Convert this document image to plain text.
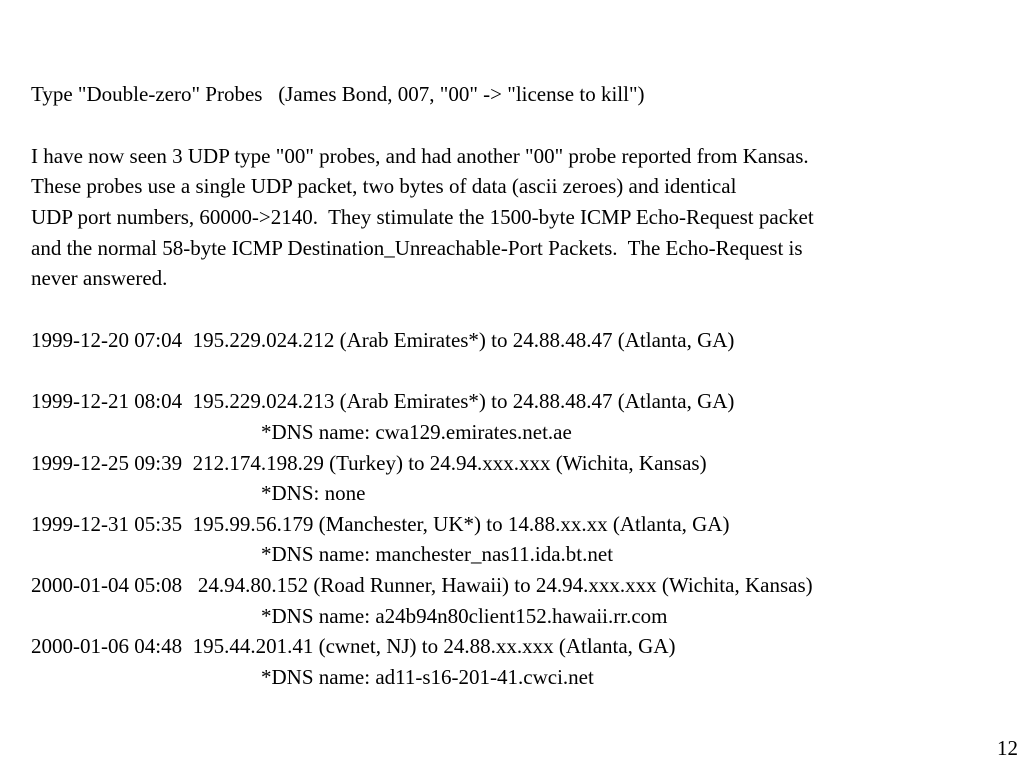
Type "Double-zero" Probes   (James Bond, 007, "00" -> "license to kill")
I have now seen 3 UDP type "00" probes, and had another "00" probe reported from Kansas.
These probes use a single UDP packet, two bytes of data (ascii zeroes) and identical
UDP port numbers, 60000->2140.  They stimulate the 1500-byte ICMP Echo-Request packet
and the normal 58-byte ICMP Destination_Unreachable-Port Packets.  The Echo-Request is
never answered.
1999-12-20 07:04  195.229.024.212 (Arab Emirates*) to 24.88.48.47 (Atlanta, GA)
1999-12-21 08:04  195.229.024.213 (Arab Emirates*) to 24.88.48.47 (Atlanta, GA)
*DNS name: cwa129.emirates.net.ae
1999-12-25 09:39  212.174.198.29 (Turkey) to 24.94.xxx.xxx (Wichita, Kansas)
*DNS: none
1999-12-31 05:35  195.99.56.179 (Manchester, UK*) to 14.88.xx.xx (Atlanta, GA)
*DNS name: manchester_nas11.ida.bt.net
2000-01-04 05:08   24.94.80.152 (Road Runner, Hawaii) to 24.94.xxx.xxx (Wichita, Kansas)
*DNS name: a24b94n80client152.hawaii.rr.com
2000-01-06 04:48  195.44.201.41 (cwnet, NJ) to 24.88.xx.xxx (Atlanta, GA)
*DNS name: ad11-s16-201-41.cwci.net
12
